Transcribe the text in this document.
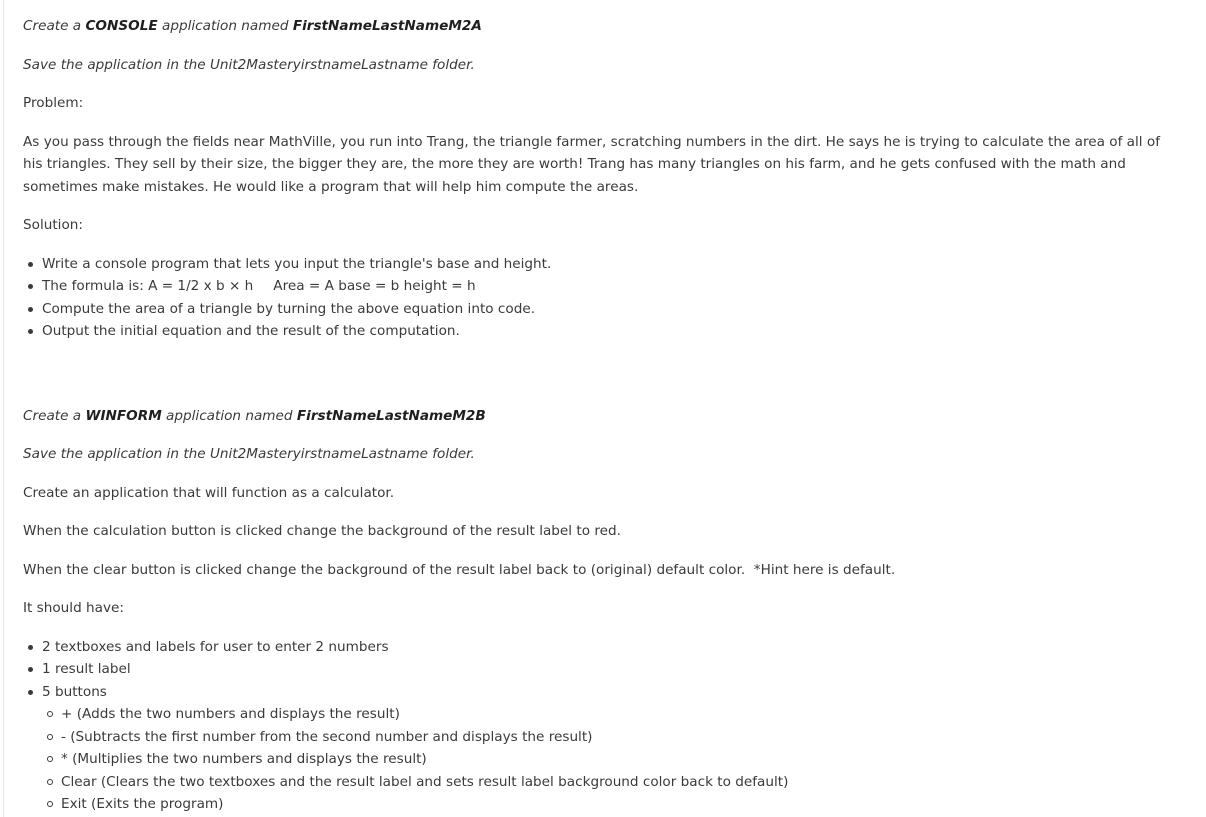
Create a CONSOLE application named FirstNameLastNameM2A

Save the application in the Unit2MasteryirstnameLastname folder.

Problem:

As you pass through the fields near MathVille, you run into Trang, the triangle farmer, scratching numbers in the dirt. He says he is trying to calculate the area of all of his triangles. They sell by their size, the bigger they are, the more they are worth! Trang has many triangles on his farm, and he gets confused with the math and sometimes make mistakes. He would like a program that will help him compute the areas.

Solution:

Write a console program that lets you input the triangle's base and height.
The formula is: A = 1/2 x b × h Area = A base = b height = h
Compute the area of a triangle by turning the above equation into code.
Output the initial equation and the result of the computation.

Create a WINFORM application named FirstNameLastNameM2B

Save the application in the Unit2MasteryirstnameLastname folder.

Create an application that will function as a calculator.

When the calculation button is clicked change the background of the result label to red.

When the clear button is clicked change the background of the result label back to (original) default color. *Hint here is default.

It should have:

2 textboxes and labels for user to enter 2 numbers
1 result label
5 buttons
+ (Adds the two numbers and displays the result)
- (Subtracts the first number from the second number and displays the result)
* (Multiplies the two numbers and displays the result)
Clear (Clears the two textboxes and the result label and sets result label background color back to default)
Exit (Exits the program)
